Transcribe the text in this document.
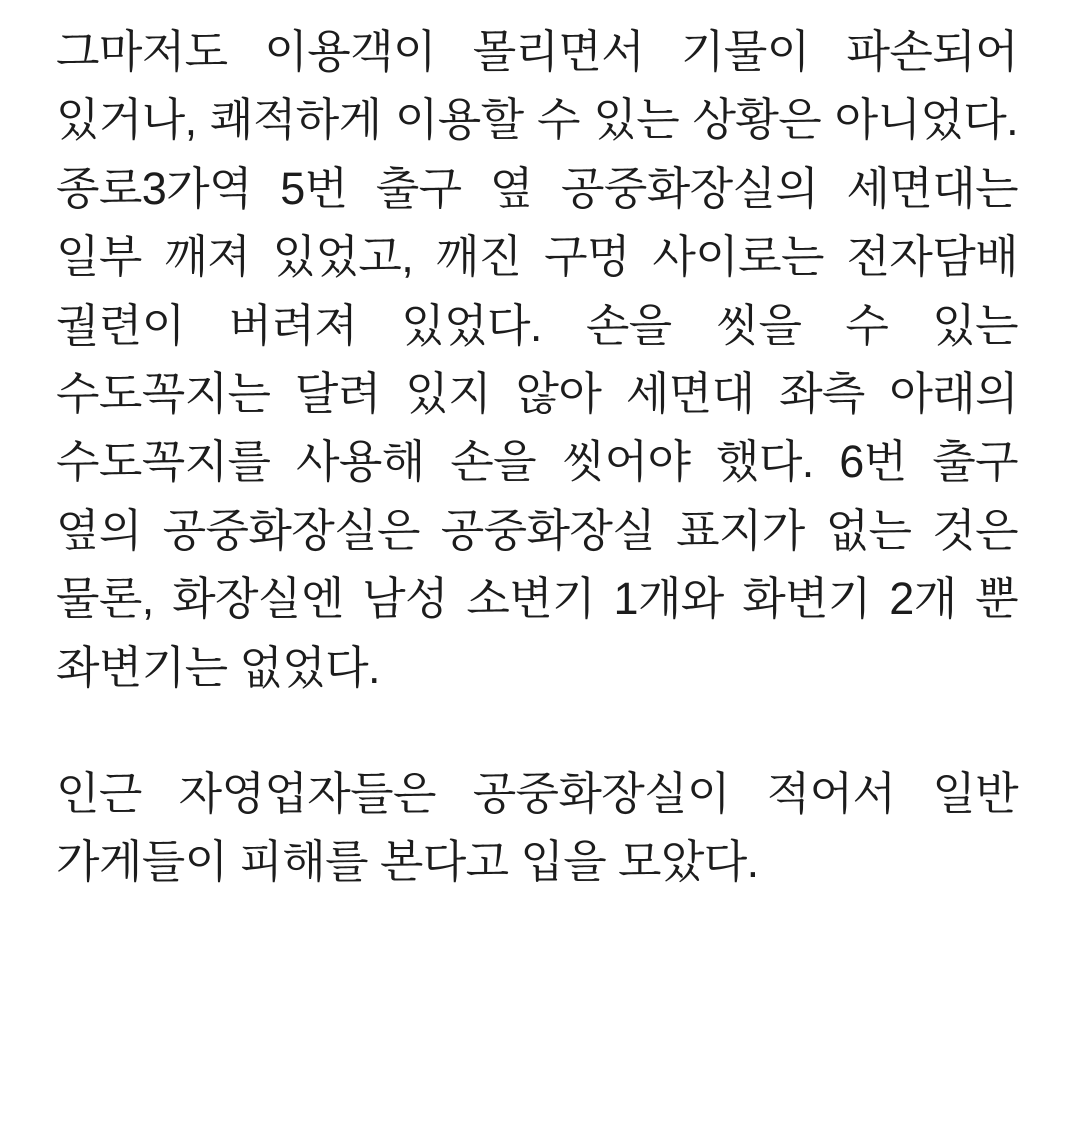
그마저도 이용객이 몰리면서 기물이 파손되어 있거나, 쾌적하게 이용할 수 있는 상황은 아니었다. 종로3가역 5번 출구 옆 공중화장실의 세면대는 일부 깨져 있었고, 깨진 구멍 사이로는 전자담배 궐련이 버려져 있었다. 손을 씻을 수 있는 수도꼭지는 달려 있지 않아 세면대 좌측 아래의 수도꼭지를 사용해 손을 씻어야 했다. 6번 출구 옆의 공중화장실은 공중화장실 표지가 없는 것은 물론, 화장실엔 남성 소변기 1개와 화변기 2개 뿐 좌변기는 없었다.

인근 자영업자들은 공중화장실이 적어서 일반 가게들이 피해를 본다고 입을 모았다.
